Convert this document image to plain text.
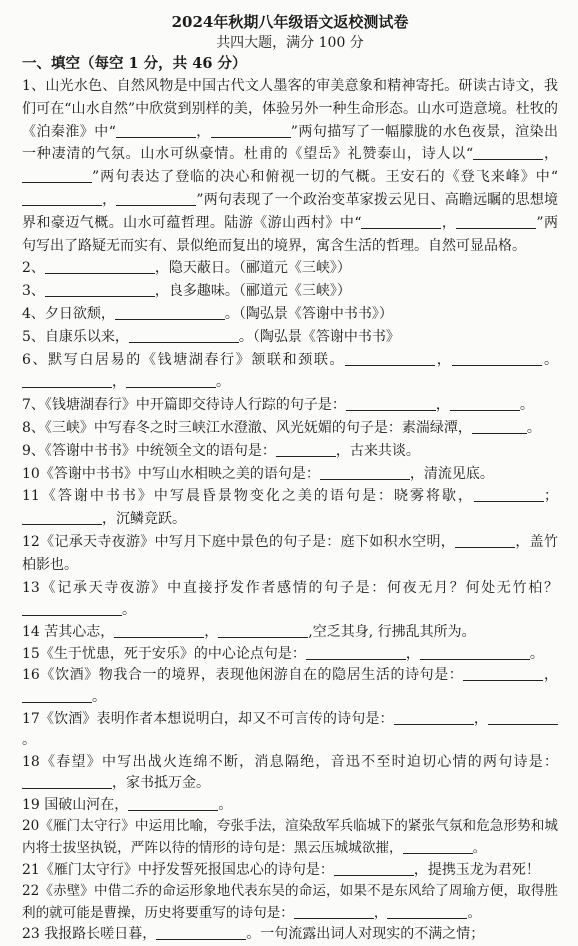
2024年秋期八年级语文返校测试卷
共四大题，满分 100 分
一、填空（每空 1 分，共 46 分）

1、山光水色、自然风物是中国古代文人墨客的审美意象和精神寄托。研读古诗文，我们可在“山水自然”中欣赏到别样的美，体验另外一种生命形态。山水可造意境。杜牧的《泊秦淮》中“	，	”两句描写了一幅朦胧的水色夜景，渲染出一种凄清的气氛。山水可纵豪情。杜甫的《望岳》礼赞泰山，诗人以“	，”两句表达了登临的决心和俯视一切的气概。王安石的《登飞来峰》中“，	”两句表现了一个政治变革家拨云见日、高瞻远瞩的思想境界和豪迈气概。山水可蕴哲理。陆游《游山西村》中“	，	”两句写出了路疑无而实有、景似绝而复出的境界，寓含生活的哲理。自然可显品格。

2、	，隐天蔽日。（郦道元《三峡》）

3、	，良多趣味。（郦道元《三峡》）

4、夕日欲颓，	。（陶弘景《答谢中书书》）

5、自康乐以来，	。（陶弘景《答谢中书书》

6、默写白居易的《钱塘湖春行》颔联和颈联。	，	。，	。

7、《钱塘湖春行》中开篇即交待诗人行踪的句子是：	，	。

8、《三峡》中写春冬之时三峡江水澄澈、风光妩媚的句子是：素湍绿潭，	。

9、《答谢中书书》中统领全文的语句是：	，古来共谈。

10《答谢中书书》中写山水相映之美的语句是：	，清流见底。

11《答谢中书书》中写晨昏景物变化之美的语句是：晓雾将歇，	；，沉鳞竞跃。

12《记承天寺夜游》中写月下庭中景色的句子是：庭下如积水空明，	，盖竹柏影也。

13《记承天寺夜游》中直接抒发作者感情的句子是：何夜无月？何处无竹柏？。

14 苦其心志，	，	,空乏其身, 行拂乱其所为。

15《生于忧患，死于安乐》的中心论点句是：	，	。

16《饮酒》物我合一的境界，表现他闲游自在的隐居生活的诗句是：	，。

17《饮酒》表明作者本想说明白，却又不可言传的诗句是：	，。

18《春望》中写出战火连绵不断，消息隔绝，音迅不至时迫切心情的两句诗是：，家书抵万金。

19 国破山河在，	。

20《雁门太守行》中运用比喻，夸张手法，渲染敌军兵临城下的紧张气氛和危急形势和城内将士拔坚执锐，严阵以待的情形的诗句是：黑云压城城欲摧，	。

21《雁门太守行》中抒发誓死报国忠心的诗句是：	，提携玉龙为君死！

22《赤壁》中借二乔的命运形象地代表东吴的命运，如果不是东风给了周瑜方便，取得胜利的就可能是曹操，历史将要重写的诗句是：	，	。

23 我报路长嗟日暮，	。一句流露出词人对现实的不满之情；
